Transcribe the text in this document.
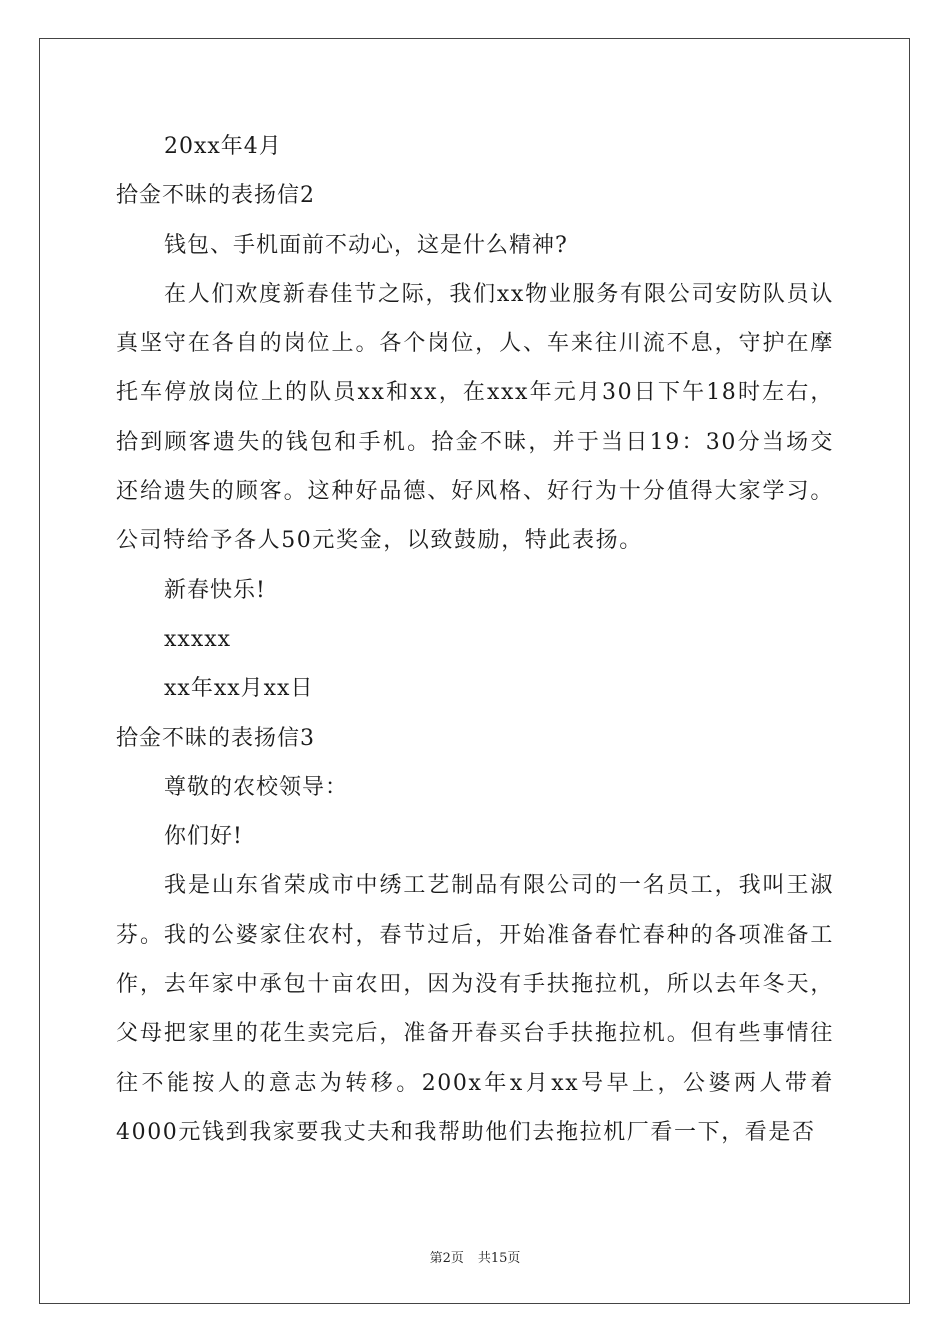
20xx年4月
拾金不昧的表扬信2
钱包、手机面前不动心，这是什么精神?
在人们欢度新春佳节之际，我们xx物业服务有限公司安防队员认真坚守在各自的岗位上。各个岗位，人、车来往川流不息，守护在摩托车停放岗位上的队员xx和xx，在xxx年元月30日下午18时左右，拾到顾客遗失的钱包和手机。拾金不昧，并于当日19：30分当场交还给遗失的顾客。这种好品德、好风格、好行为十分值得大家学习。公司特给予各人50元奖金，以致鼓励，特此表扬。
新春快乐!
xxxxx
xx年xx月xx日
拾金不昧的表扬信3
尊敬的农校领导：
你们好!
我是山东省荣成市中绣工艺制品有限公司的一名员工，我叫王淑芬。我的公婆家住农村，春节过后，开始准备春忙春种的各项准备工作，去年家中承包十亩农田，因为没有手扶拖拉机，所以去年冬天，父母把家里的花生卖完后，准备开春买台手扶拖拉机。但有些事情往往不能按人的意志为转移。200x年x月xx号早上，公婆两人带着4000元钱到我家要我丈夫和我帮助他们去拖拉机厂看一下，看是否
第2页 共15页
